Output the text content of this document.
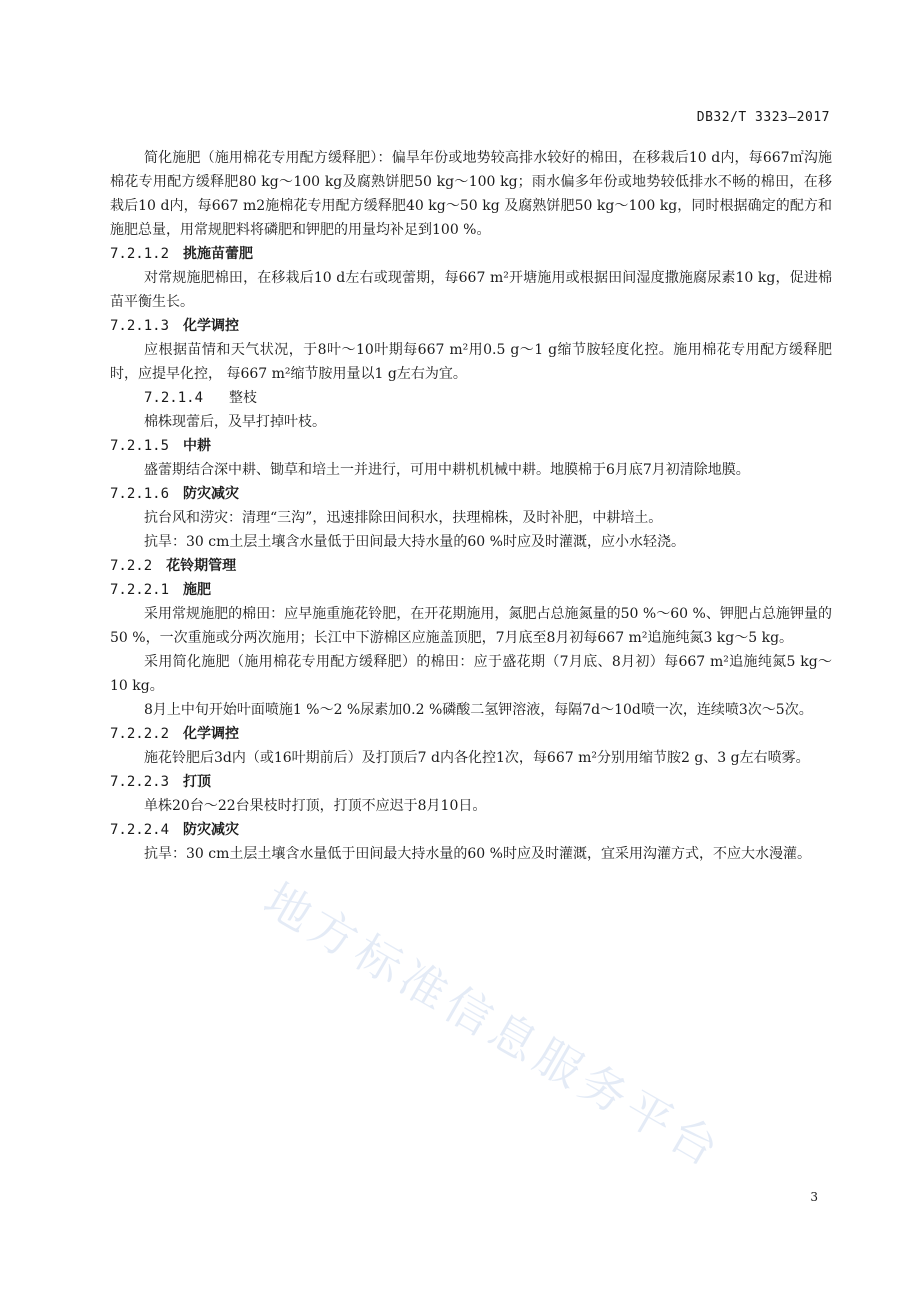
DB32/T 3323—2017

简化施肥（施用棉花专用配方缓释肥）：偏旱年份或地势较高排水较好的棉田，在移栽后10 d内，每667㎡沟施棉花专用配方缓释肥80 kg～100 kg及腐熟饼肥50 kg～100 kg；雨水偏多年份或地势较低排水不畅的棉田，在移栽后10 d内，每667 m2施棉花专用配方缓释肥40 kg～50 kg 及腐熟饼肥50 kg～100 kg，同时根据确定的配方和施肥总量，用常规肥料将磷肥和钾肥的用量均补足到100 %。

7.2.1.2 挑施苗蕾肥

对常规施肥棉田，在移栽后10 d左右或现蕾期，每667 m²开塘施用或根据田间湿度撒施腐尿素10 kg，促进棉苗平衡生长。

7.2.1.3 化学调控

应根据苗情和天气状况，于8叶～10叶期每667 m²用0.5 g～1 g缩节胺轻度化控。施用棉花专用配方缓释肥时，应提早化控， 每667 m²缩节胺用量以1 g左右为宜。

7.2.1.4 整枝

棉株现蕾后，及早打掉叶枝。

7.2.1.5 中耕

盛蕾期结合深中耕、锄草和培土一并进行，可用中耕机机械中耕。地膜棉于6月底7月初清除地膜。

7.2.1.6 防灾减灾

抗台风和涝灾：清理“三沟”，迅速排除田间积水，扶理棉株，及时补肥，中耕培土。

抗旱：30 cm土层土壤含水量低于田间最大持水量的60 %时应及时灌溉，应小水轻浇。

7.2.2 花铃期管理
7.2.2.1 施肥

采用常规施肥的棉田：应早施重施花铃肥，在开花期施用，氮肥占总施氮量的50 %～60 %、钾肥占总施钾量的50 %，一次重施或分两次施用；长江中下游棉区应施盖顶肥，7月底至8月初每667 m²追施纯氮3 kg～5 kg。

采用简化施肥（施用棉花专用配方缓释肥）的棉田：应于盛花期（7月底、8月初）每667 m²追施纯氮5 kg～10 kg。

8月上中旬开始叶面喷施1 %～2 %尿素加0.2 %磷酸二氢钾溶液，每隔7d～10d喷一次，连续喷3次～5次。

7.2.2.2 化学调控

施花铃肥后3d内（或16叶期前后）及打顶后7 d内各化控1次，每667 m²分别用缩节胺2 g、3 g左右喷雾。

7.2.2.3 打顶

单株20台～22台果枝时打顶，打顶不应迟于8月10日。

7.2.2.4 防灾减灾

抗旱：30 cm土层土壤含水量低于田间最大持水量的60 %时应及时灌溉，宜采用沟灌方式，不应大水漫灌。

地方标准信息服务平台
3
